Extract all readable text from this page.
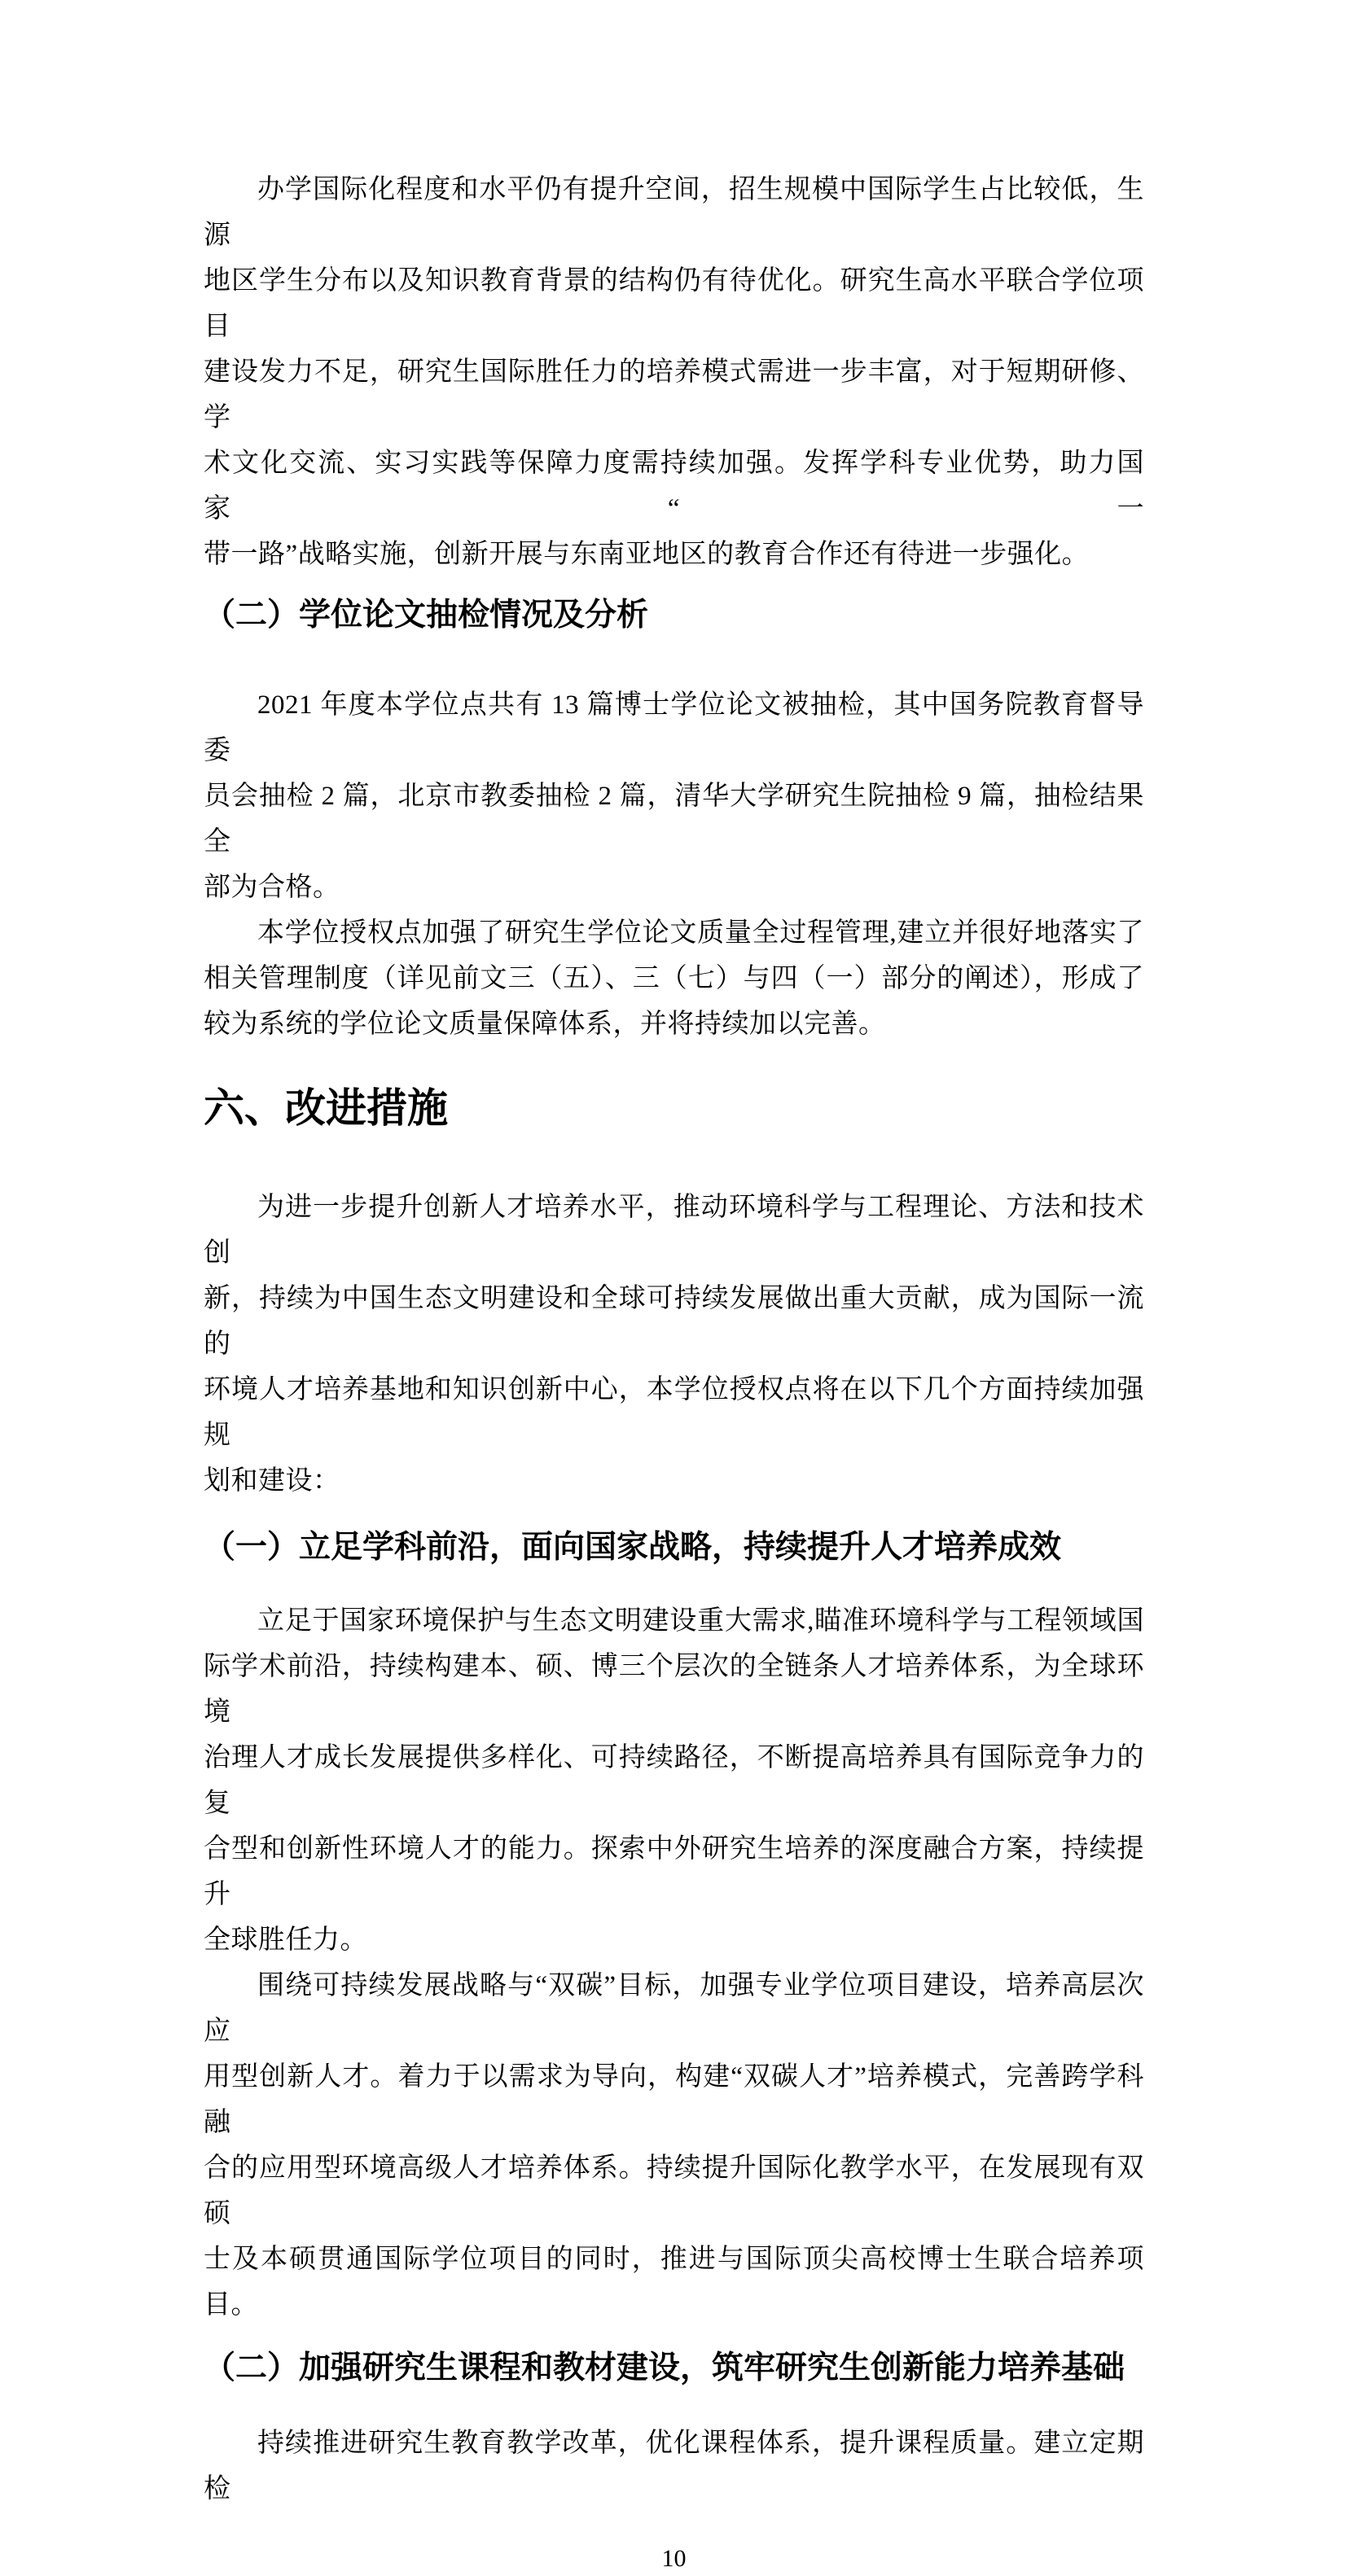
办学国际化程度和水平仍有提升空间，招生规模中国际学生占比较低，生源
地区学生分布以及知识教育背景的结构仍有待优化。研究生高水平联合学位项目
建设发力不足，研究生国际胜任力的培养模式需进一步丰富，对于短期研修、学
术文化交流、实习实践等保障力度需持续加强。发挥学科专业优势，助力国家“一
带一路”战略实施，创新开展与东南亚地区的教育合作还有待进一步强化。
（二）学位论文抽检情况及分析
2021 年度本学位点共有 13 篇博士学位论文被抽检，其中国务院教育督导委
员会抽检 2 篇，北京市教委抽检 2 篇，清华大学研究生院抽检 9 篇，抽检结果全
部为合格。
本学位授权点加强了研究生学位论文质量全过程管理,建立并很好地落实了
相关管理制度（详见前文三（五）、三（七）与四（一）部分的阐述），形成了
较为系统的学位论文质量保障体系，并将持续加以完善。
六、改进措施
为进一步提升创新人才培养水平，推动环境科学与工程理论、方法和技术创
新，持续为中国生态文明建设和全球可持续发展做出重大贡献，成为国际一流的
环境人才培养基地和知识创新中心，本学位授权点将在以下几个方面持续加强规
划和建设：
（一）立足学科前沿，面向国家战略，持续提升人才培养成效
立足于国家环境保护与生态文明建设重大需求,瞄准环境科学与工程领域国
际学术前沿，持续构建本、硕、博三个层次的全链条人才培养体系，为全球环境
治理人才成长发展提供多样化、可持续路径，不断提高培养具有国际竞争力的复
合型和创新性环境人才的能力。探索中外研究生培养的深度融合方案，持续提升
全球胜任力。
围绕可持续发展战略与“双碳”目标，加强专业学位项目建设，培养高层次应
用型创新人才。着力于以需求为导向，构建“双碳人才”培养模式，完善跨学科融
合的应用型环境高级人才培养体系。持续提升国际化教学水平，在发展现有双硕
士及本硕贯通国际学位项目的同时，推进与国际顶尖高校博士生联合培养项目。
（二）加强研究生课程和教材建设，筑牢研究生创新能力培养基础
持续推进研究生教育教学改革，优化课程体系，提升课程质量。建立定期检
10
